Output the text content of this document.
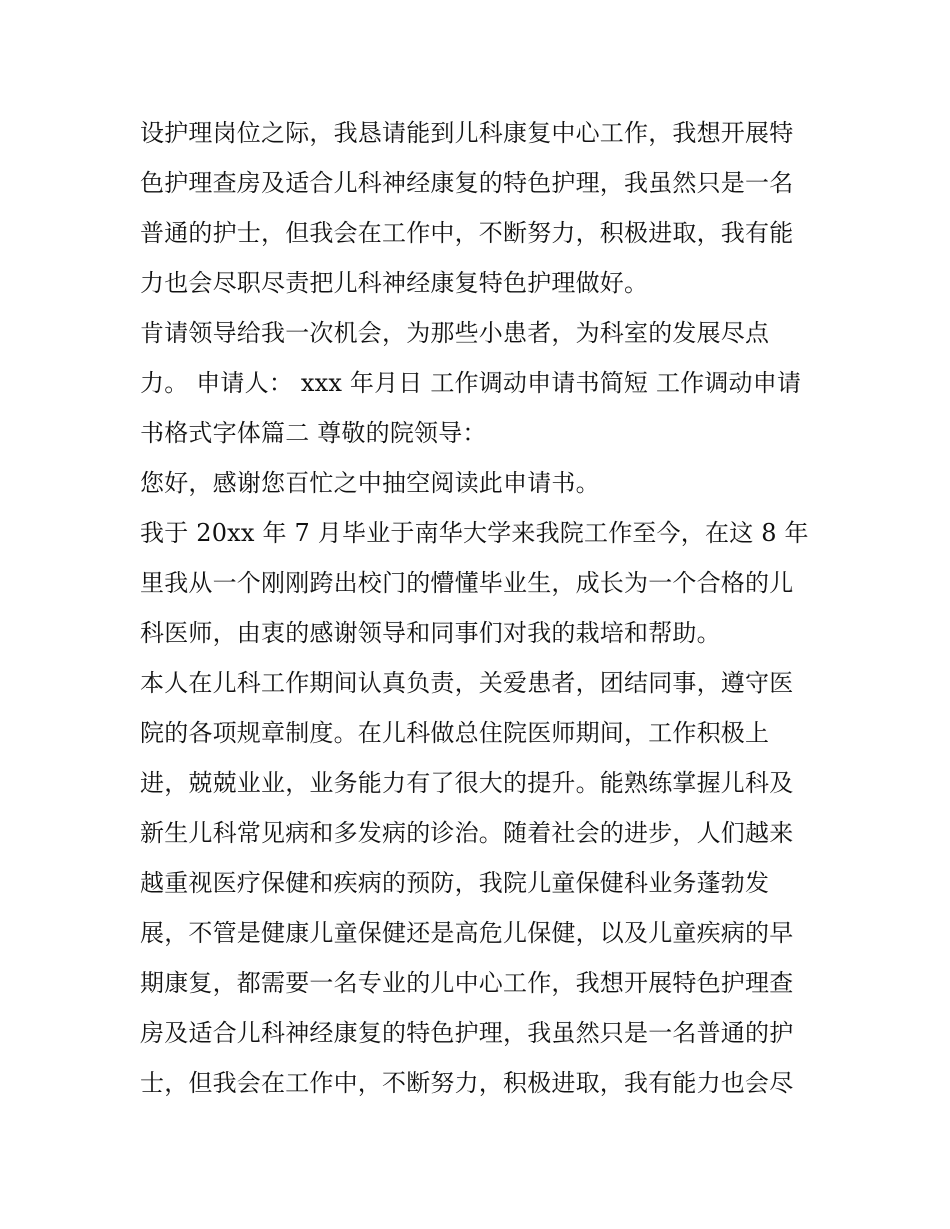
设护理岗位之际，我恳请能到儿科康复中心工作，我想开展特
色护理查房及适合儿科神经康复的特色护理，我虽然只是一名
普通的护士，但我会在工作中，不断努力，积极进取，我有能
力也会尽职尽责把儿科神经康复特色护理做好。
肯请领导给我一次机会，为那些小患者，为科室的发展尽点
力。 申请人： xxx 年月日 工作调动申请书简短 工作调动申请
书格式字体篇二 尊敬的院领导：
您好，感谢您百忙之中抽空阅读此申请书。
我于 20xx 年 7 月毕业于南华大学来我院工作至今，在这 8 年
里我从一个刚刚跨出校门的懵懂毕业生，成长为一个合格的儿
科医师，由衷的感谢领导和同事们对我的栽培和帮助。
本人在儿科工作期间认真负责，关爱患者，团结同事，遵守医
院的各项规章制度。在儿科做总住院医师期间，工作积极上
进，兢兢业业，业务能力有了很大的提升。能熟练掌握儿科及
新生儿科常见病和多发病的诊治。随着社会的进步，人们越来
越重视医疗保健和疾病的预防，我院儿童保健科业务蓬勃发
展，不管是健康儿童保健还是高危儿保健，以及儿童疾病的早
期康复，都需要一名专业的儿中心工作，我想开展特色护理查
房及适合儿科神经康复的特色护理，我虽然只是一名普通的护
士，但我会在工作中，不断努力，积极进取，我有能力也会尽
